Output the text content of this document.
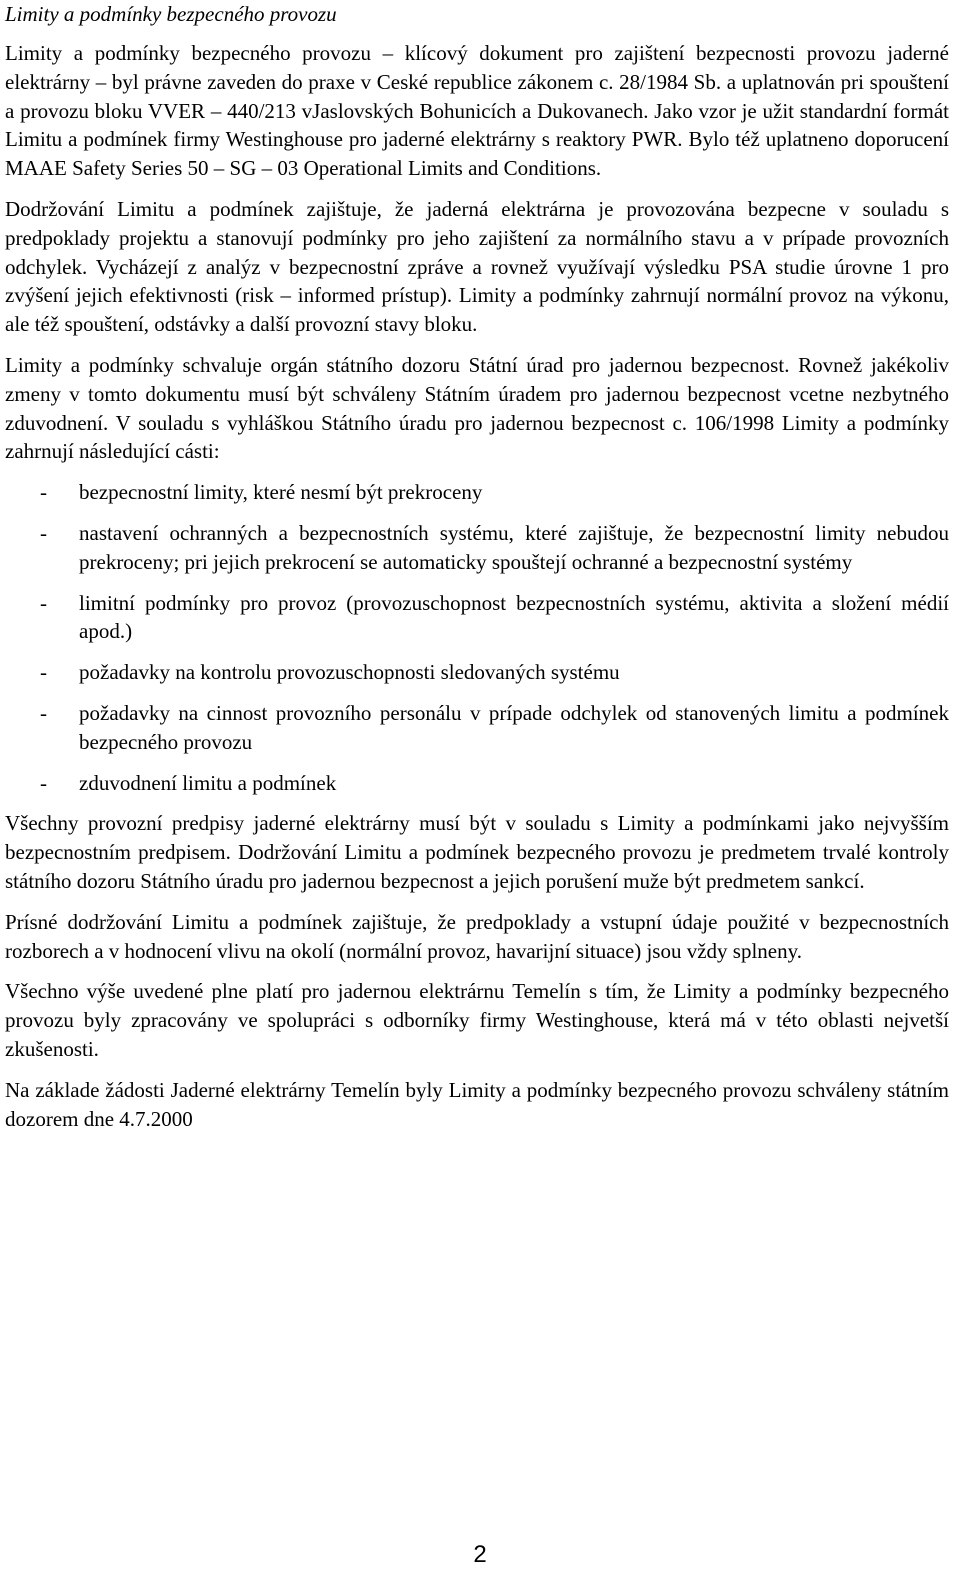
Limity a podmínky bezpecného provozu

Limity a podmínky bezpecného provozu – klícový dokument pro zajištení bezpecnosti provozu jaderné elektrárny – byl právne zaveden do praxe v Ceské republice zákonem c. 28/1984 Sb. a uplatnován pri spouštení a provozu bloku VVER – 440/213 vJaslovských Bohunicích a Dukovanech. Jako vzor je užit standardní formát Limitu a podmínek firmy Westinghouse pro jaderné elektrárny s reaktory PWR. Bylo též uplatneno doporucení MAAE Safety Series 50 – SG – 03 Operational Limits and Conditions.

Dodržování Limitu a podmínek zajištuje, že jaderná elektrárna je provozována bezpecne v souladu s predpoklady projektu a stanovují podmínky pro jeho zajištení za normálního stavu a v prípade provozních odchylek. Vycházejí z analýz v bezpecnostní zpráve a rovnež využívají výsledku PSA studie úrovne 1 pro zvýšení jejich efektivnosti (risk – informed prístup). Limity a podmínky zahrnují normální provoz na výkonu, ale též spouštení, odstávky a další provozní stavy bloku.

Limity a podmínky schvaluje orgán státního dozoru Státní úrad pro jadernou bezpecnost. Rovnež jakékoliv zmeny v tomto dokumentu musí být schváleny Státním úradem pro jadernou bezpecnost vcetne nezbytného zduvodnení. V souladu s vyhláškou Státního úradu pro jadernou bezpecnost c. 106/1998 Limity a podmínky zahrnují následující cásti:

- bezpecnostní limity, které nesmí být prekroceny
- nastavení ochranných a bezpecnostních systému, které zajištuje, že bezpecnostní limity nebudou prekroceny; pri jejich prekrocení se automaticky spouštejí ochranné a bezpecnostní systémy
- limitní podmínky pro provoz (provozuschopnost bezpecnostních systému, aktivita a složení médií apod.)
- požadavky na kontrolu provozuschopnosti sledovaných systému
- požadavky na cinnost provozního personálu v prípade odchylek od stanovených limitu a podmínek bezpecného provozu
- zduvodnení limitu a podmínek

Všechny provozní predpisy jaderné elektrárny musí být v souladu s Limity a podmínkami jako nejvyšším bezpecnostním predpisem. Dodržování Limitu a podmínek bezpecného provozu je predmetem trvalé kontroly státního dozoru Státního úradu pro jadernou bezpecnost a jejich porušení muže být predmetem sankcí.

Prísné dodržování Limitu a podmínek zajištuje, že predpoklady a vstupní údaje použité v bezpecnostních rozborech a v hodnocení vlivu na okolí (normální provoz, havarijní situace) jsou vždy splneny.

Všechno výše uvedené plne platí pro jadernou elektrárnu Temelín s tím, že Limity a podmínky bezpecného provozu byly zpracovány ve spolupráci s odborníky firmy Westinghouse, která má v této oblasti nejvetší zkušenosti.

Na základe žádosti Jaderné elektrárny Temelín byly Limity a podmínky bezpecného provozu schváleny státním dozorem dne 4.7.2000

2
